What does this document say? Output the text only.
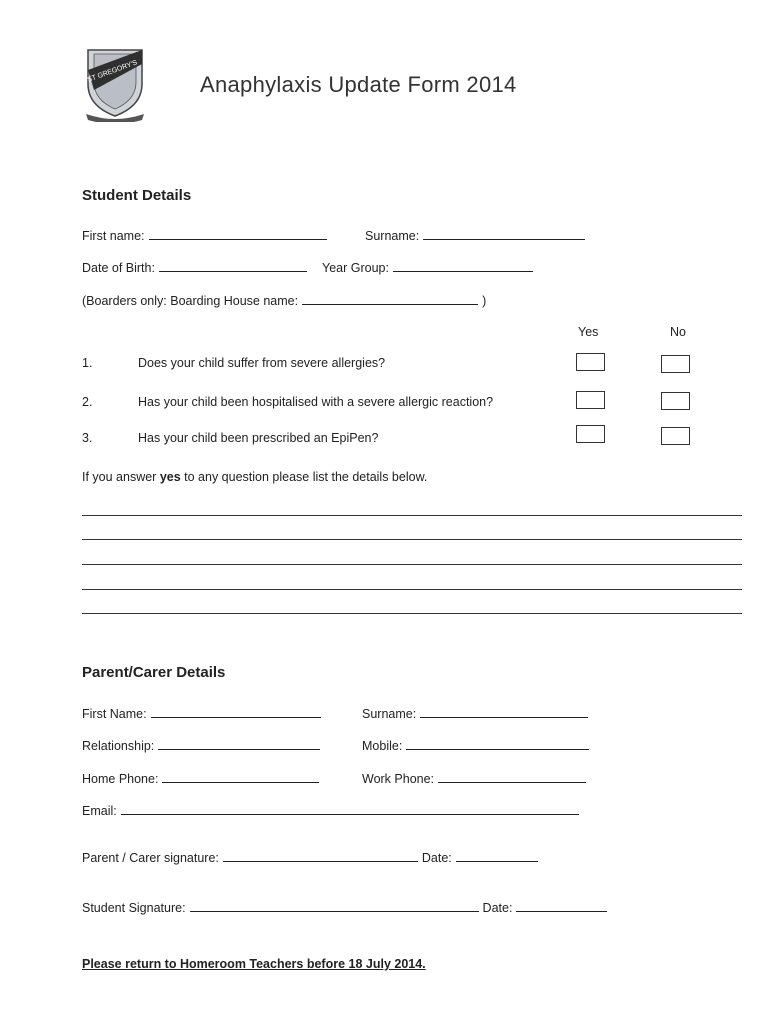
ST GREGORY'S
Anaphylaxis Update Form 2014
Student Details
First name:	Surname:
Date of Birth:	Year Group:
(Boarders only: Boarding House name:	)
Yes	No
1.	Does your child suffer from severe allergies?
2.	Has your child been hospitalised with a severe allergic reaction?
3.	Has your child been prescribed an EpiPen?
If you answer yes to any question please list the details below.
Parent/Carer Details
First Name:	Surname:
Relationship:	Mobile:
Home Phone:	Work Phone:
Email:
Parent / Carer signature:	Date:
Student Signature:	Date:
Please return to Homeroom Teachers before 18 July 2014.
